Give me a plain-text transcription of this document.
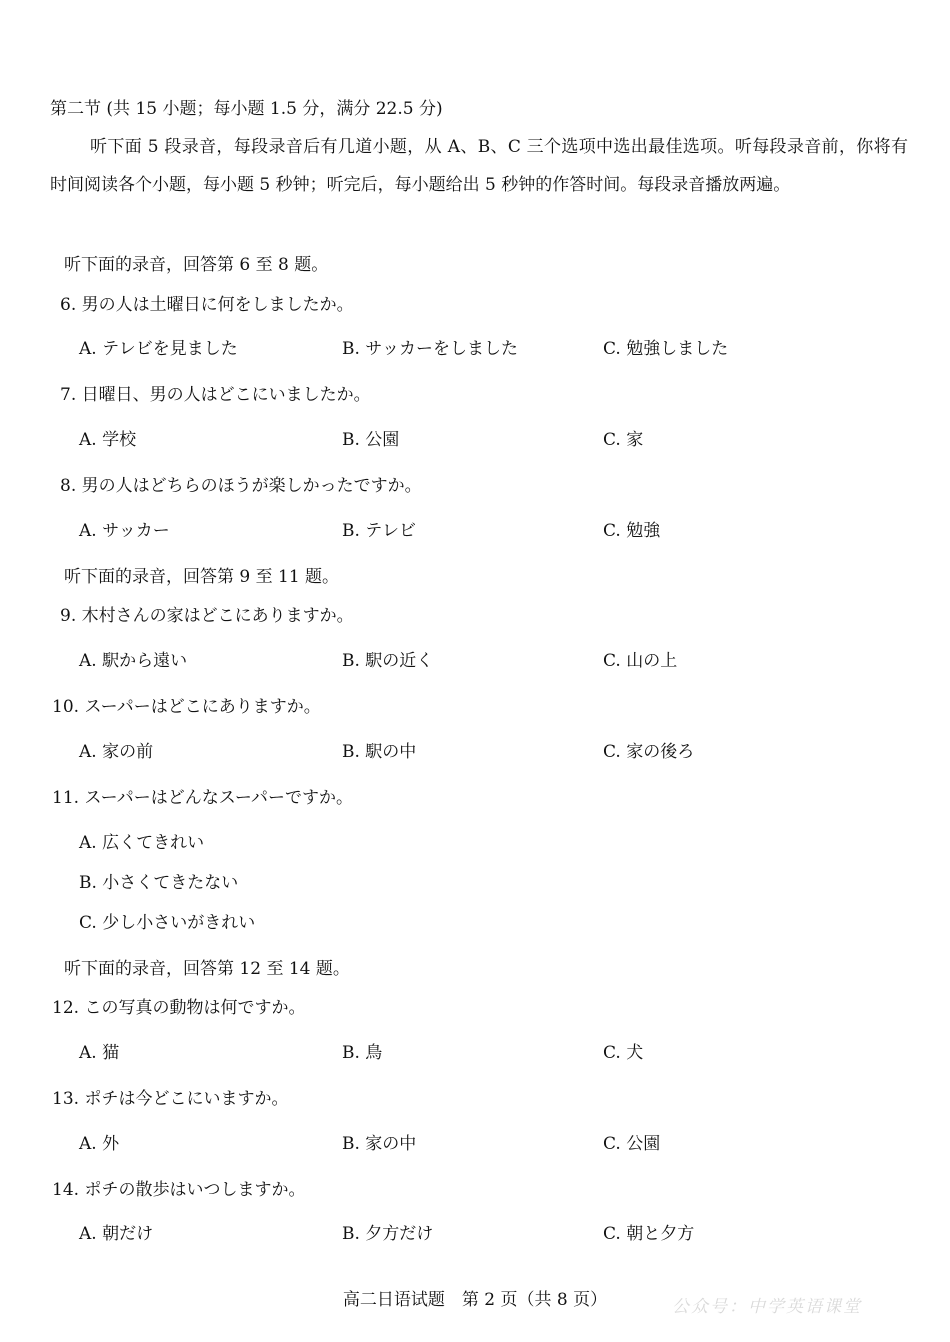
第二节 (共 15 小题；每小题 1.5 分，满分 22.5 分)
听下面 5 段录音，每段录音后有几道小题，从 A、B、C 三个选项中选出最佳选项。听每段录音前，你将有时间阅读各个小题，每小题 5 秒钟；听完后，每小题给出 5 秒钟的作答时间。每段录音播放两遍。
听下面的录音，回答第 6 至 8 题。
6. 男の人は土曜日に何をしましたか。
A. テレビを見ました	B. サッカーをしました	C. 勉強しました
7. 日曜日、男の人はどこにいましたか。
A. 学校	B. 公園	C. 家
8. 男の人はどちらのほうが楽しかったですか。
A. サッカー	B. テレビ	C. 勉強
听下面的录音，回答第 9 至 11 题。
9. 木村さんの家はどこにありますか。
A. 駅から遠い	B. 駅の近く	C. 山の上
10. スーパーはどこにありますか。
A. 家の前	B. 駅の中	C. 家の後ろ
11. スーパーはどんなスーパーですか。
A. 広くてきれい
B. 小さくてきたない
C. 少し小さいがきれい
听下面的录音，回答第 12 至 14 题。
12. この写真の動物は何ですか。
A. 猫	B. 鳥	C. 犬
13. ポチは今どこにいますか。
A. 外	B. 家の中	C. 公園
14. ポチの散歩はいつしますか。
A. 朝だけ	B. 夕方だけ	C. 朝と夕方
高二日语试题　第 2 页（共 8 页）	公众号：中学英语课堂
